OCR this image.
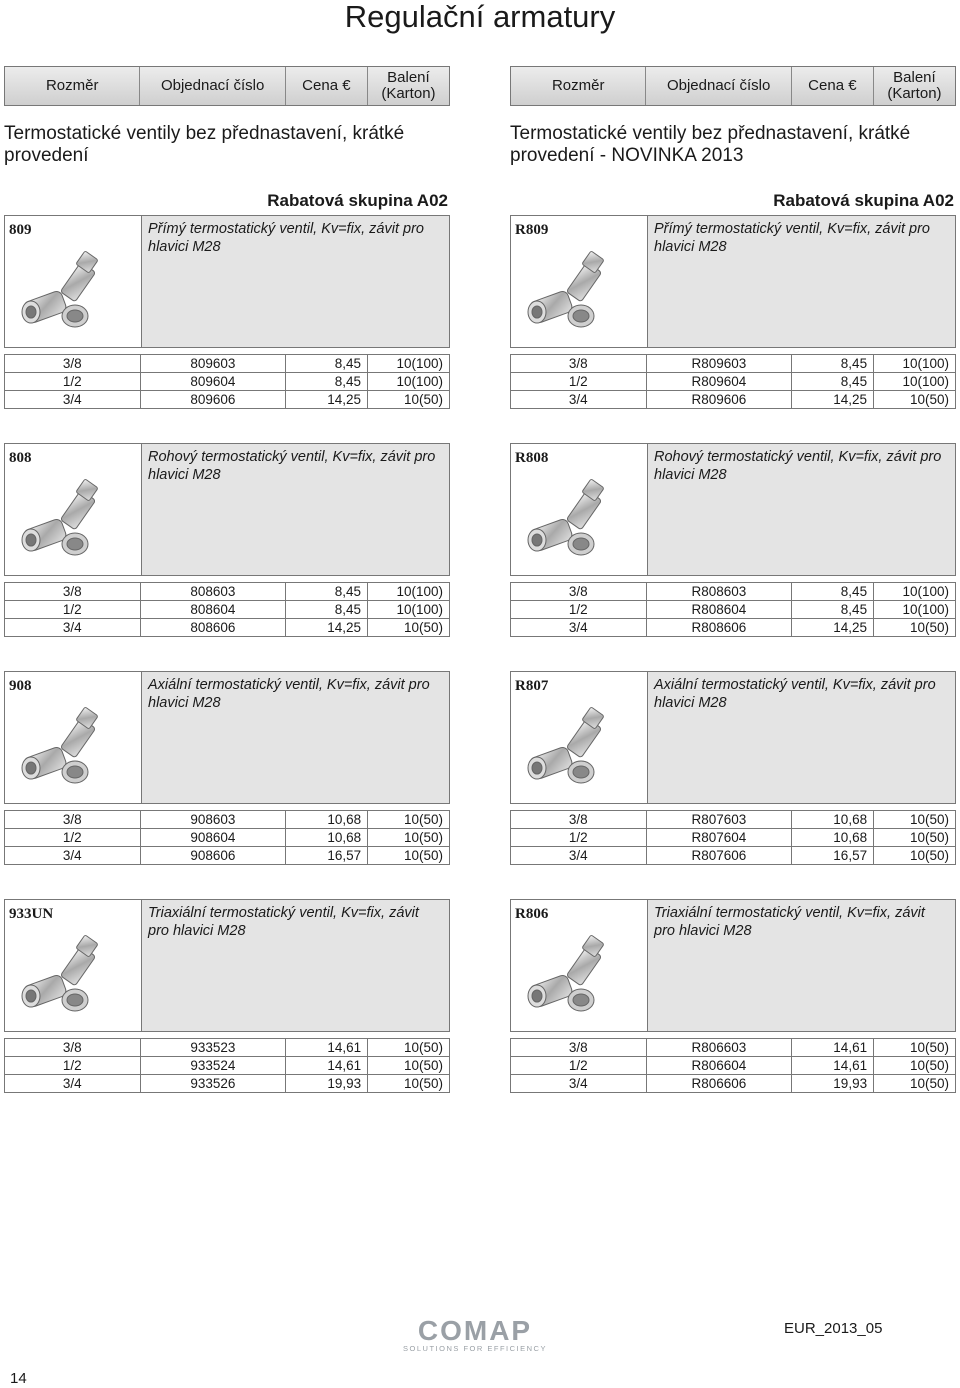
Regulační armatury
Rozměr	Objednací číslo	Cena €	Balení
(Karton)
Termostatické ventily bez přednastavení, krátké provedení
Rabatová skupina A02
809	Přímý termostatický ventil, Kv=fix, závit pro hlavici M28
3/8	809603	8,45	10(100)
1/2	809604	8,45	10(100)
3/4	809606	14,25	10(50)
808	Rohový termostatický ventil, Kv=fix, závit pro hlavici M28
3/8	808603	8,45	10(100)
1/2	808604	8,45	10(100)
3/4	808606	14,25	10(50)
908	Axiální termostatický ventil, Kv=fix, závit pro hlavici M28
3/8	908603	10,68	10(50)
1/2	908604	10,68	10(50)
3/4	908606	16,57	10(50)
933UN	Triaxiální termostatický ventil, Kv=fix, závit pro hlavici M28
3/8	933523	14,61	10(50)
1/2	933524	14,61	10(50)
3/4	933526	19,93	10(50)
Rozměr	Objednací číslo	Cena €	Balení
(Karton)
Termostatické ventily bez přednastavení, krátké provedení - NOVINKA 2013
Rabatová skupina A02
R809	Přímý termostatický ventil, Kv=fix, závit pro hlavici M28
3/8	R809603	8,45	10(100)
1/2	R809604	8,45	10(100)
3/4	R809606	14,25	10(50)
R808	Rohový termostatický ventil, Kv=fix, závit pro hlavici M28
3/8	R808603	8,45	10(100)
1/2	R808604	8,45	10(100)
3/4	R808606	14,25	10(50)
R807	Axiální termostatický ventil, Kv=fix, závit pro hlavici M28
3/8	R807603	10,68	10(50)
1/2	R807604	10,68	10(50)
3/4	R807606	16,57	10(50)
R806	Triaxiální termostatický ventil, Kv=fix, závit pro hlavici M28
3/8	R806603	14,61	10(50)
1/2	R806604	14,61	10(50)
3/4	R806606	19,93	10(50)
COMAP
SOLUTIONS FOR EFFICIENCY
EUR_2013_05
14
